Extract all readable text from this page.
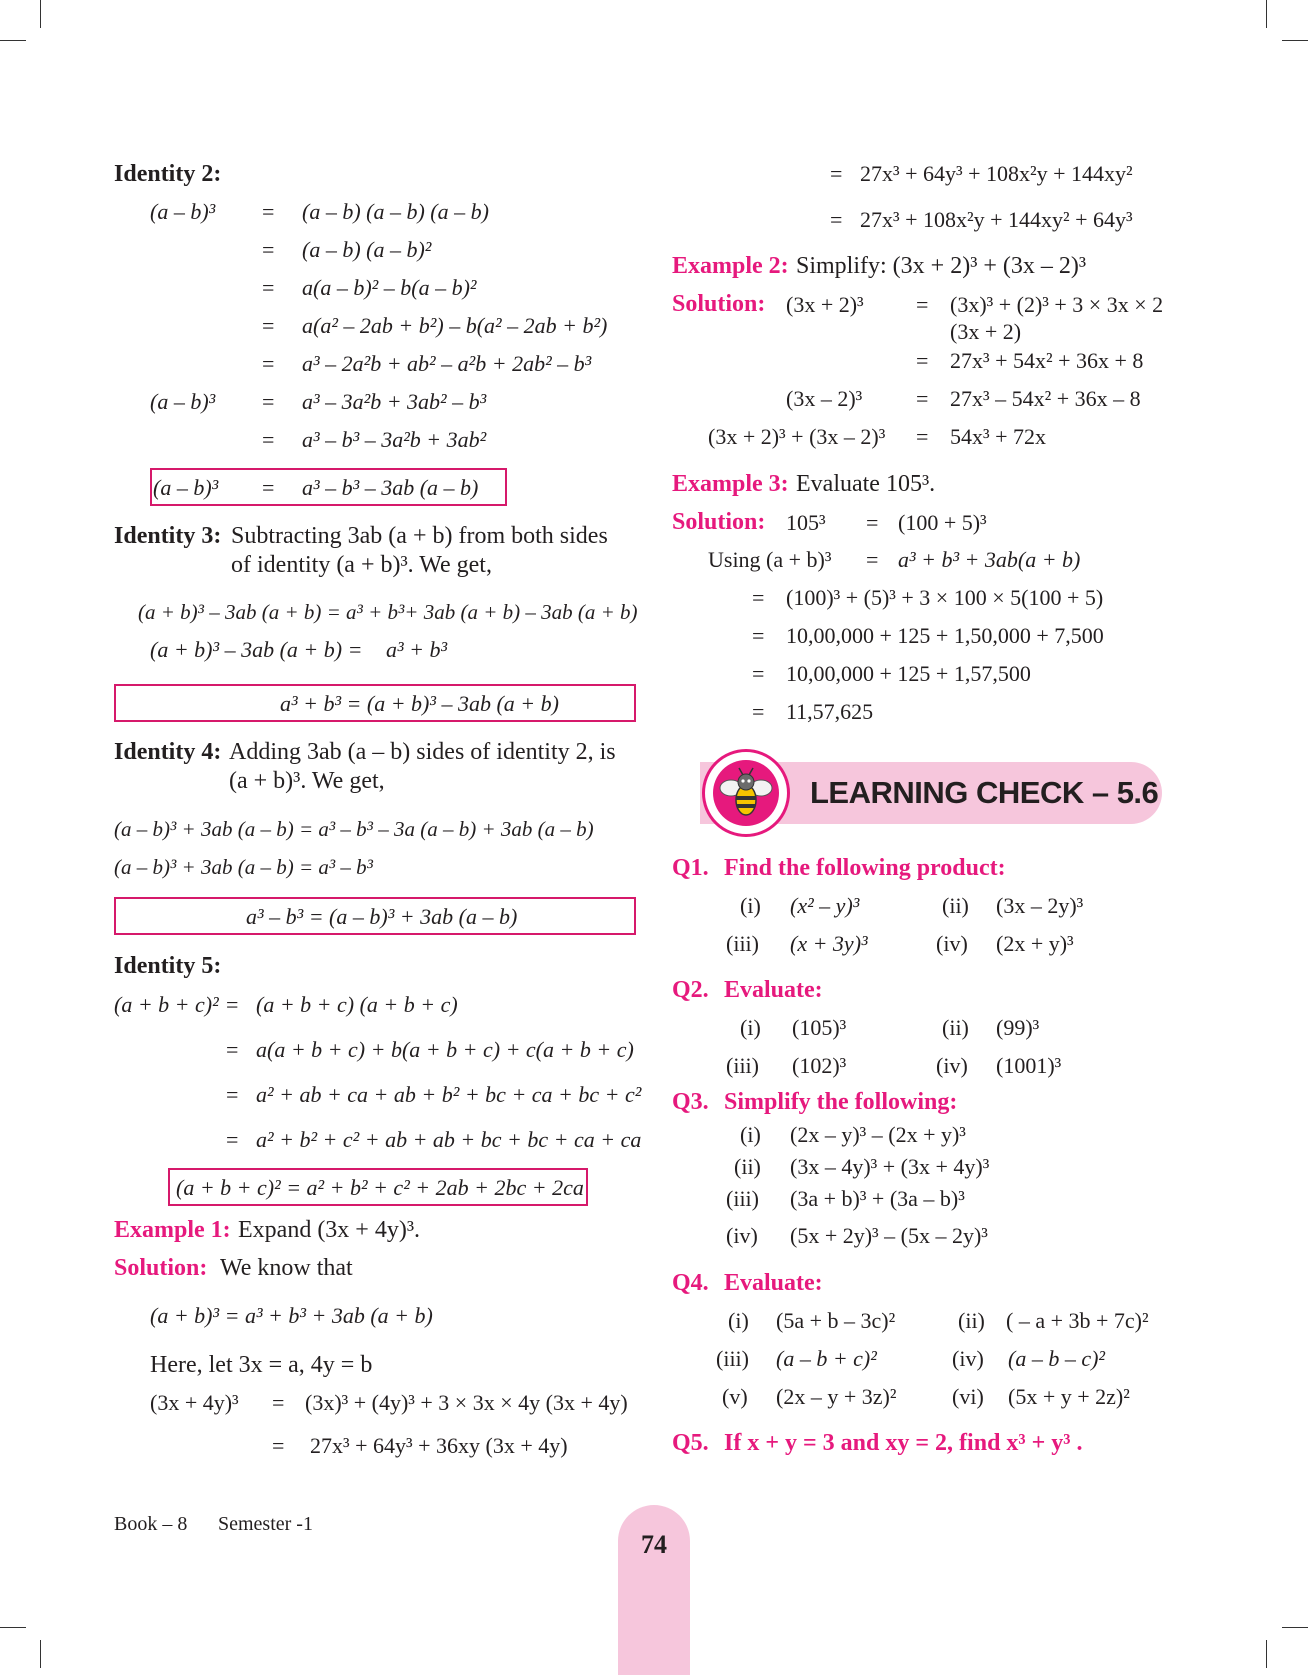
Identity 2:
(a – b)³ = (a – b) (a – b) (a – b)
= (a – b) (a – b)²
= a(a – b)² – b(a – b)²
= a(a² – 2ab + b²) – b(a² – 2ab + b²)
= a³ – 2a²b + ab² – a²b + 2ab² – b³
(a – b)³ = a³ – 3a²b + 3ab² – b³
= a³ – b³ – 3a²b + 3ab²
(a – b)³ = a³ – b³ – 3ab (a – b)
Identity 3: Subtracting 3ab (a + b) from both sides
of identity (a + b)³. We get,
(a + b)³ – 3ab (a + b) = a³ + b³+ 3ab (a + b) – 3ab (a + b)
(a + b)³ – 3ab (a + b) = a³ + b³
a³ + b³ = (a + b)³ – 3ab (a + b)
Identity 4: Adding 3ab (a – b) sides of identity 2, is
(a + b)³. We get,
(a – b)³ + 3ab (a – b) = a³ – b³ – 3a (a – b) + 3ab (a – b)
(a – b)³ + 3ab (a – b) = a³ – b³
a³ – b³ = (a – b)³ + 3ab (a – b)
Identity 5:
(a + b + c)² = (a + b + c) (a + b + c)
= a(a + b + c) + b(a + b + c) + c(a + b + c)
= a² + ab + ca + ab + b² + bc + ca + bc + c²
= a² + b² + c² + ab + ab + bc + bc + ca + ca
(a + b + c)² = a² + b² + c² + 2ab + 2bc + 2ca
Example 1: Expand (3x + 4y)³.
Solution: We know that
(a + b)³ = a³ + b³ + 3ab (a + b)
Here, let 3x = a, 4y = b
(3x + 4y)³ = (3x)³ + (4y)³ + 3 × 3x × 4y (3x + 4y)
= 27x³ + 64y³ + 36xy (3x + 4y)
= 27x³ + 64y³ + 108x²y + 144xy²
= 27x³ + 108x²y + 144xy² + 64y³
Example 2: Simplify: (3x + 2)³ + (3x – 2)³
Solution: (3x + 2)³ = (3x)³ + (2)³ + 3 × 3x × 2
(3x + 2)
= 27x³ + 54x² + 36x + 8
(3x – 2)³ = 27x³ – 54x² + 36x – 8
(3x + 2)³ + (3x – 2)³ = 54x³ + 72x
Example 3: Evaluate 105³.
Solution: 105³ = (100 + 5)³
Using (a + b)³ = a³ + b³ + 3ab(a + b)
= (100)³ + (5)³ + 3 × 100 × 5(100 + 5)
= 10,00,000 + 125 + 1,50,000 + 7,500
= 10,00,000 + 125 + 1,57,500
= 11,57,625
LEARNING CHECK – 5.6
Q1. Find the following product:
(i) (x² – y)³	(ii) (3x – 2y)³
(iii) (x + 3y)³	(iv) (2x + y)³
Q2. Evaluate:
(i) (105)³	(ii) (99)³
(iii) (102)³	(iv) (1001)³
Q3. Simplify the following:
(i) (2x – y)³ – (2x + y)³
(ii) (3x – 4y)³ + (3x + 4y)³
(iii) (3a + b)³ + (3a – b)³
(iv) (5x + 2y)³ – (5x – 2y)³
Q4. Evaluate:
(i) (5a + b – 3c)²	(ii) ( – a + 3b + 7c)²
(iii) (a – b + c)²	(iv) (a – b – c)²
(v) (2x – y + 3z)²	(vi) (5x + y + 2z)²
Q5. If x + y = 3 and xy = 2, find x³ + y³ .
Book – 8 Semester -1
74
